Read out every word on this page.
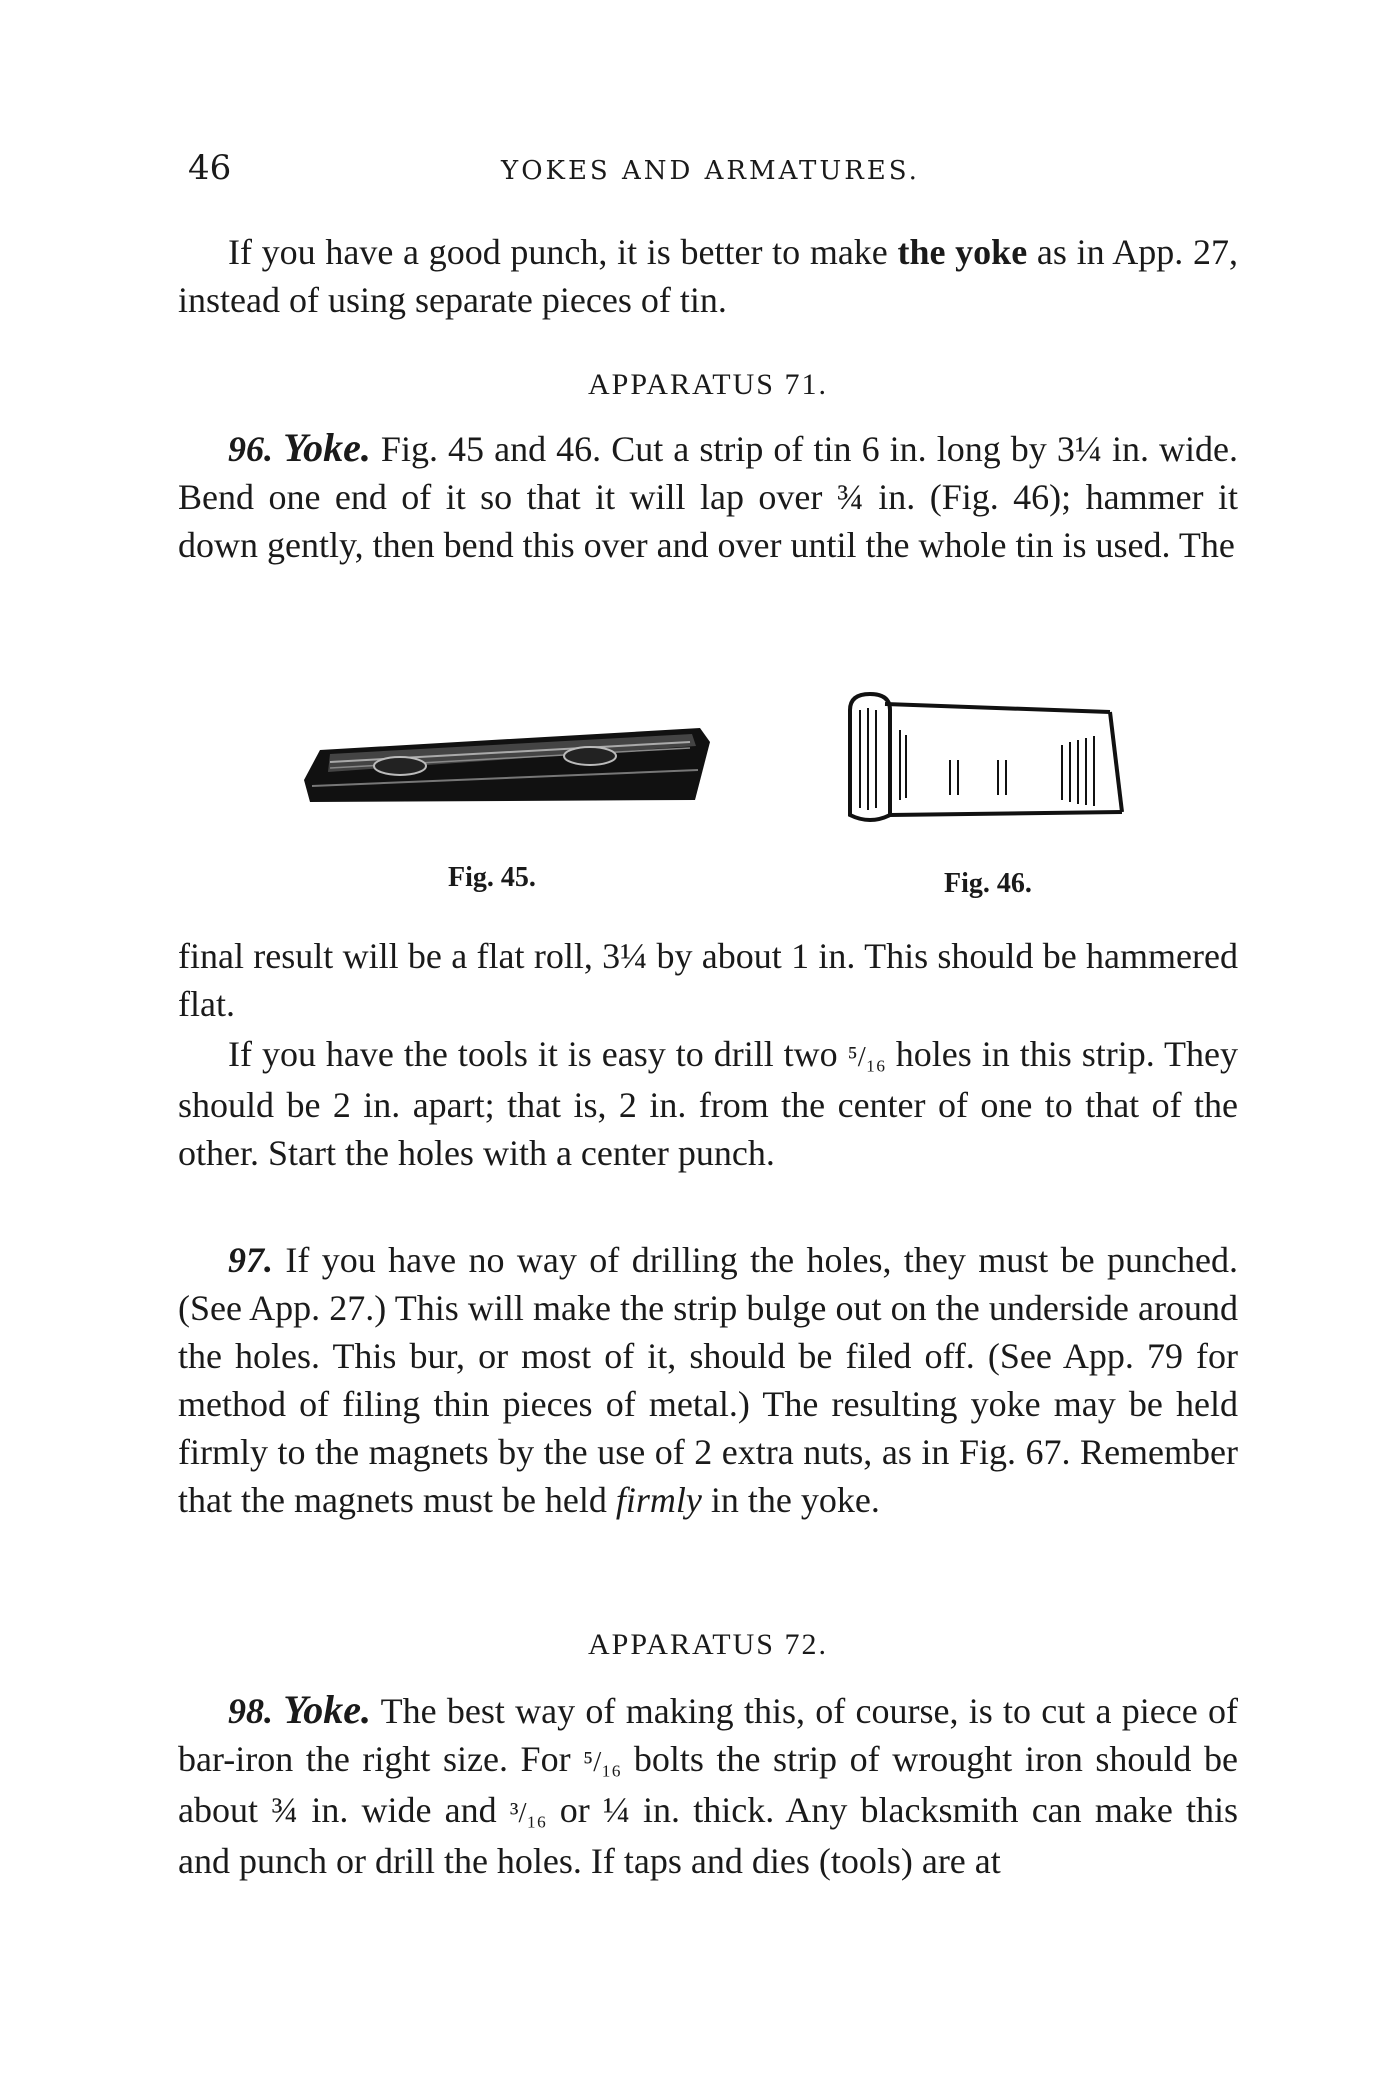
46	YOKES AND ARMATURES.

If you have a good punch, it is better to make the yoke as in App. 27, instead of using separate pieces of tin.

APPARATUS 71.

96. Yoke. Fig. 45 and 46. Cut a strip of tin 6 in. long by 3¼ in. wide. Bend one end of it so that it will lap over ¾ in. (Fig. 46); hammer it down gently, then bend this over and over until the whole tin is used. The

Fig. 45.	Fig. 46.

final result will be a flat roll, 3¼ by about 1 in. This should be hammered flat.

If you have the tools it is easy to drill two ⁵/₁₆ holes in this strip. They should be 2 in. apart; that is, 2 in. from the center of one to that of the other. Start the holes with a center punch.

97. If you have no way of drilling the holes, they must be punched. (See App. 27.) This will make the strip bulge out on the underside around the holes. This bur, or most of it, should be filed off. (See App. 79 for method of filing thin pieces of metal.) The resulting yoke may be held firmly to the magnets by the use of 2 extra nuts, as in Fig. 67. Remember that the magnets must be held firmly in the yoke.

APPARATUS 72.

98. Yoke. The best way of making this, of course, is to cut a piece of bar-iron the right size. For ⁵/₁₆ bolts the strip of wrought iron should be about ¾ in. wide and ³/₁₆ or ¼ in. thick. Any blacksmith can make this and punch or drill the holes. If taps and dies (tools) are at
